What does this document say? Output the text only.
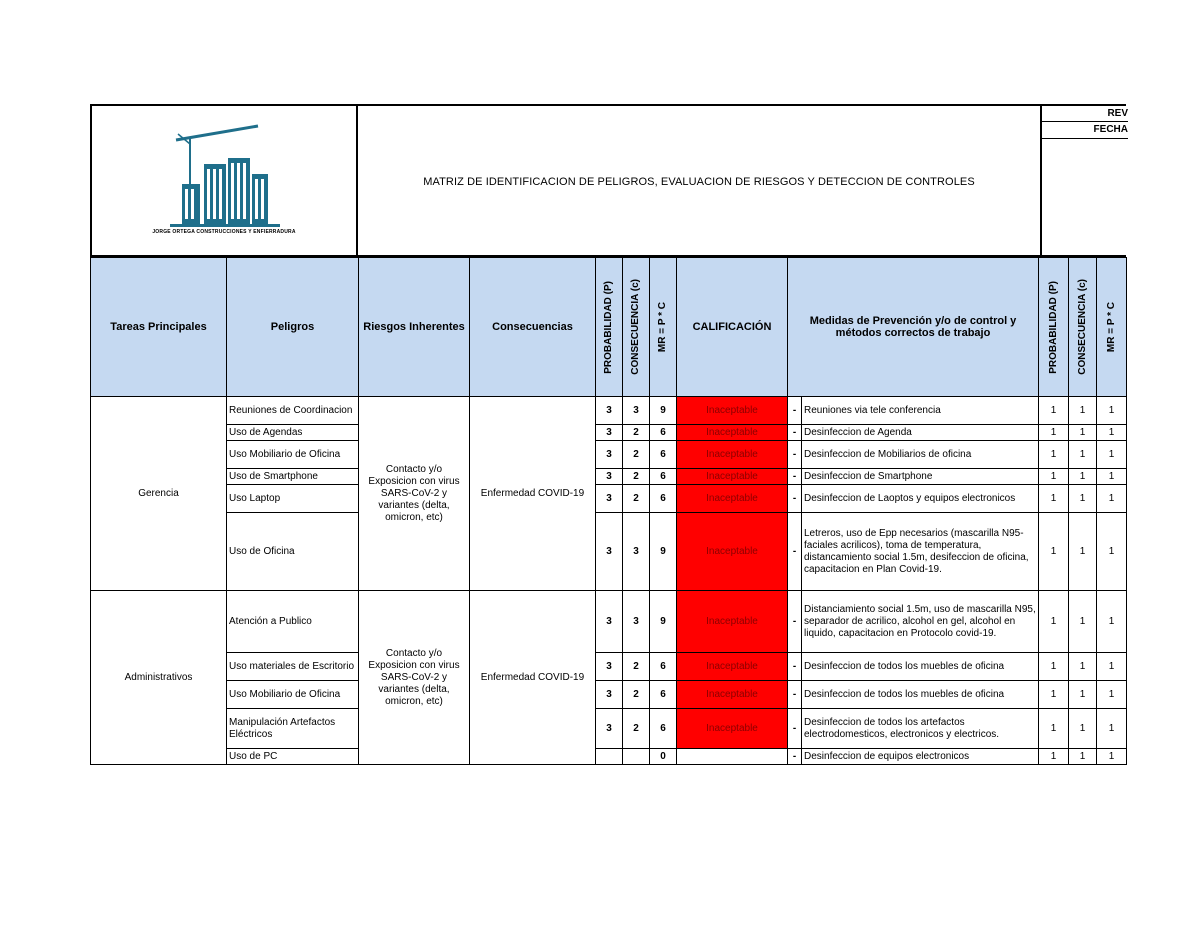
JORGE ORTEGA CONSTRUCCIONES Y ENFIERRADURA
MATRIZ DE IDENTIFICACION DE PELIGROS, EVALUACION DE RIESGOS Y DETECCION DE CONTROLES
REV
FECHA
Tareas Principales	Peligros	Riesgos Inherentes	Consecuencias	PROBABILIDAD (P)	CONSECUENCIA (c)	MR = P * C	CALIFICACIÓN	Medidas de Prevención y/o de control y métodos correctos de trabajo		PROBABILIDAD (P)	CONSECUENCIA (c)	MR = P * C

Gerencia	Reuniones de Coordinacion	Contacto y/o Exposicion con virus SARS-CoV-2 y variantes (delta, omicron, etc)	Enfermedad COVID-19	3	3	9	Inaceptable	-	Reuniones via tele conferencia	1	1	1
	Uso de Agendas			3	2	6	Inaceptable	-	Desinfeccion de Agenda	1	1	1
	Uso Mobiliario de Oficina			3	2	6	Inaceptable	-	Desinfeccion de Mobiliarios de oficina	1	1	1
	Uso de Smartphone			3	2	6	Inaceptable	-	Desinfeccion de Smartphone	1	1	1
	Uso Laptop			3	2	6	Inaceptable	-	Desinfeccion de Laoptos y equipos electronicos	1	1	1
	Uso de Oficina			3	3	9	Inaceptable	-	Letreros, uso de Epp necesarios (mascarilla N95-faciales acrilicos), toma de temperatura, distancamiento social 1.5m, desifeccion de oficina, capacitacion en Plan Covid-19.	1	1	1
Administrativos	Atención a Publico	Contacto y/o Exposicion con virus SARS-CoV-2 y variantes (delta, omicron, etc)	Enfermedad COVID-19	3	3	9	Inaceptable	-	Distanciamiento social 1.5m, uso de mascarilla N95, separador de acrilico, alcohol en gel, alcohol en liquido, capacitacion en Protocolo covid-19.	1	1	1
	Uso materiales de Escritorio			3	2	6	Inaceptable	-	Desinfeccion de todos los muebles de oficina	1	1	1
	Uso Mobiliario de Oficina			3	2	6	Inaceptable	-	Desinfeccion de todos los muebles de oficina	1	1	1
	Manipulación Artefactos Eléctricos			3	2	6	Inaceptable	-	Desinfeccion de todos los artefactos electrodomesticos, electronicos y electricos.	1	1	1
	Uso de PC					0		-	Desinfeccion de equipos electronicos	1	1	1
